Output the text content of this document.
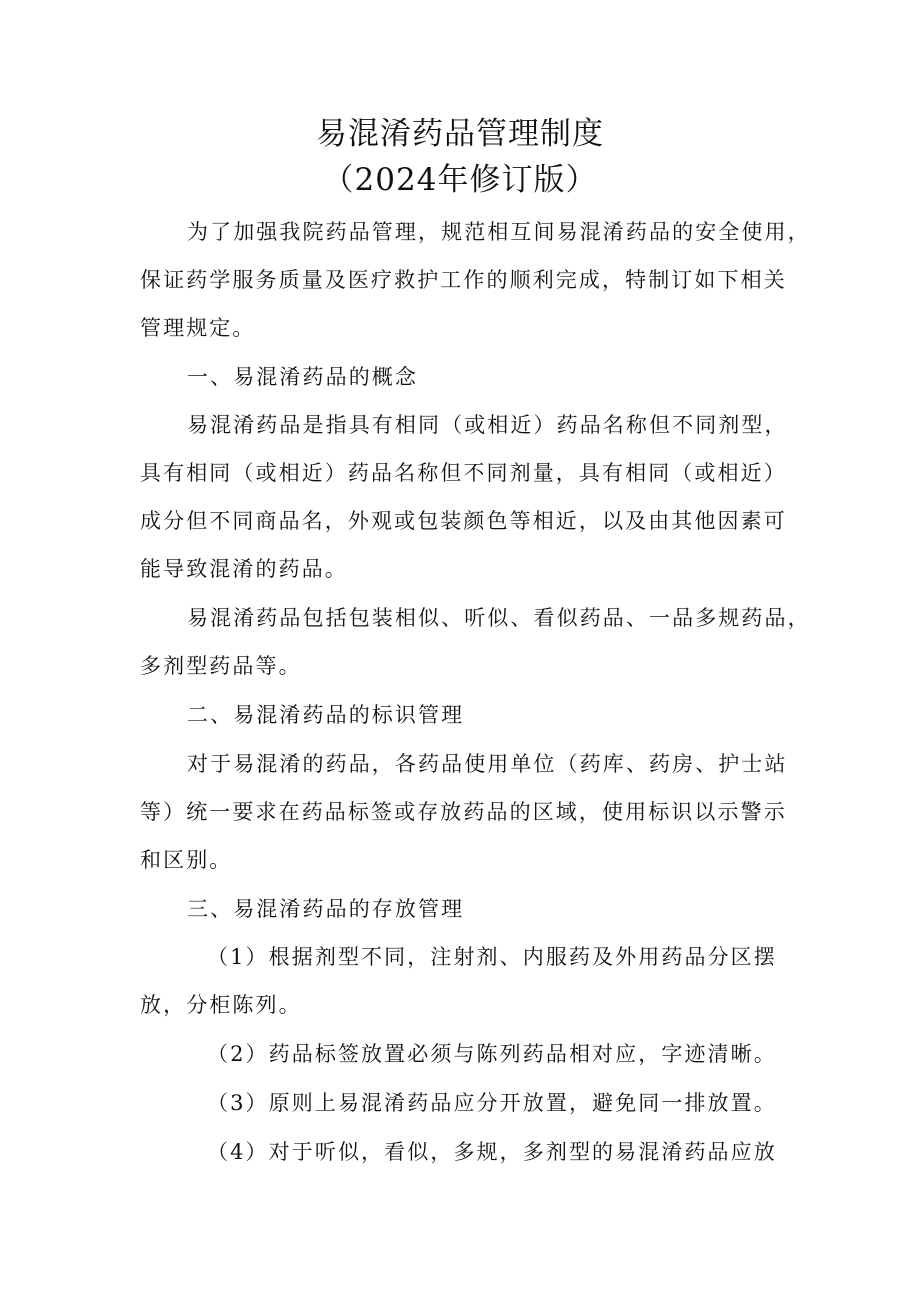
易混淆药品管理制度
（2024年修订版）
为了加强我院药品管理，规范相互间易混淆药品的安全使用，
保证药学服务质量及医疗救护工作的顺利完成，特制订如下相关
管理规定。
一、易混淆药品的概念
易混淆药品是指具有相同（或相近）药品名称但不同剂型，
具有相同（或相近）药品名称但不同剂量，具有相同（或相近）
成分但不同商品名，外观或包装颜色等相近，以及由其他因素可
能导致混淆的药品。
易混淆药品包括包装相似、听似、看似药品、一品多规药品，
多剂型药品等。
二、易混淆药品的标识管理
对于易混淆的药品，各药品使用单位（药库、药房、护士站
等）统一要求在药品标签或存放药品的区域，使用标识以示警示
和区别。
三、易混淆药品的存放管理
（1）根据剂型不同，注射剂、内服药及外用药品分区摆
放，分柜陈列。
（2）药品标签放置必须与陈列药品相对应，字迹清晰。
（3）原则上易混淆药品应分开放置，避免同一排放置。
（4）对于听似，看似，多规，多剂型的易混淆药品应放
